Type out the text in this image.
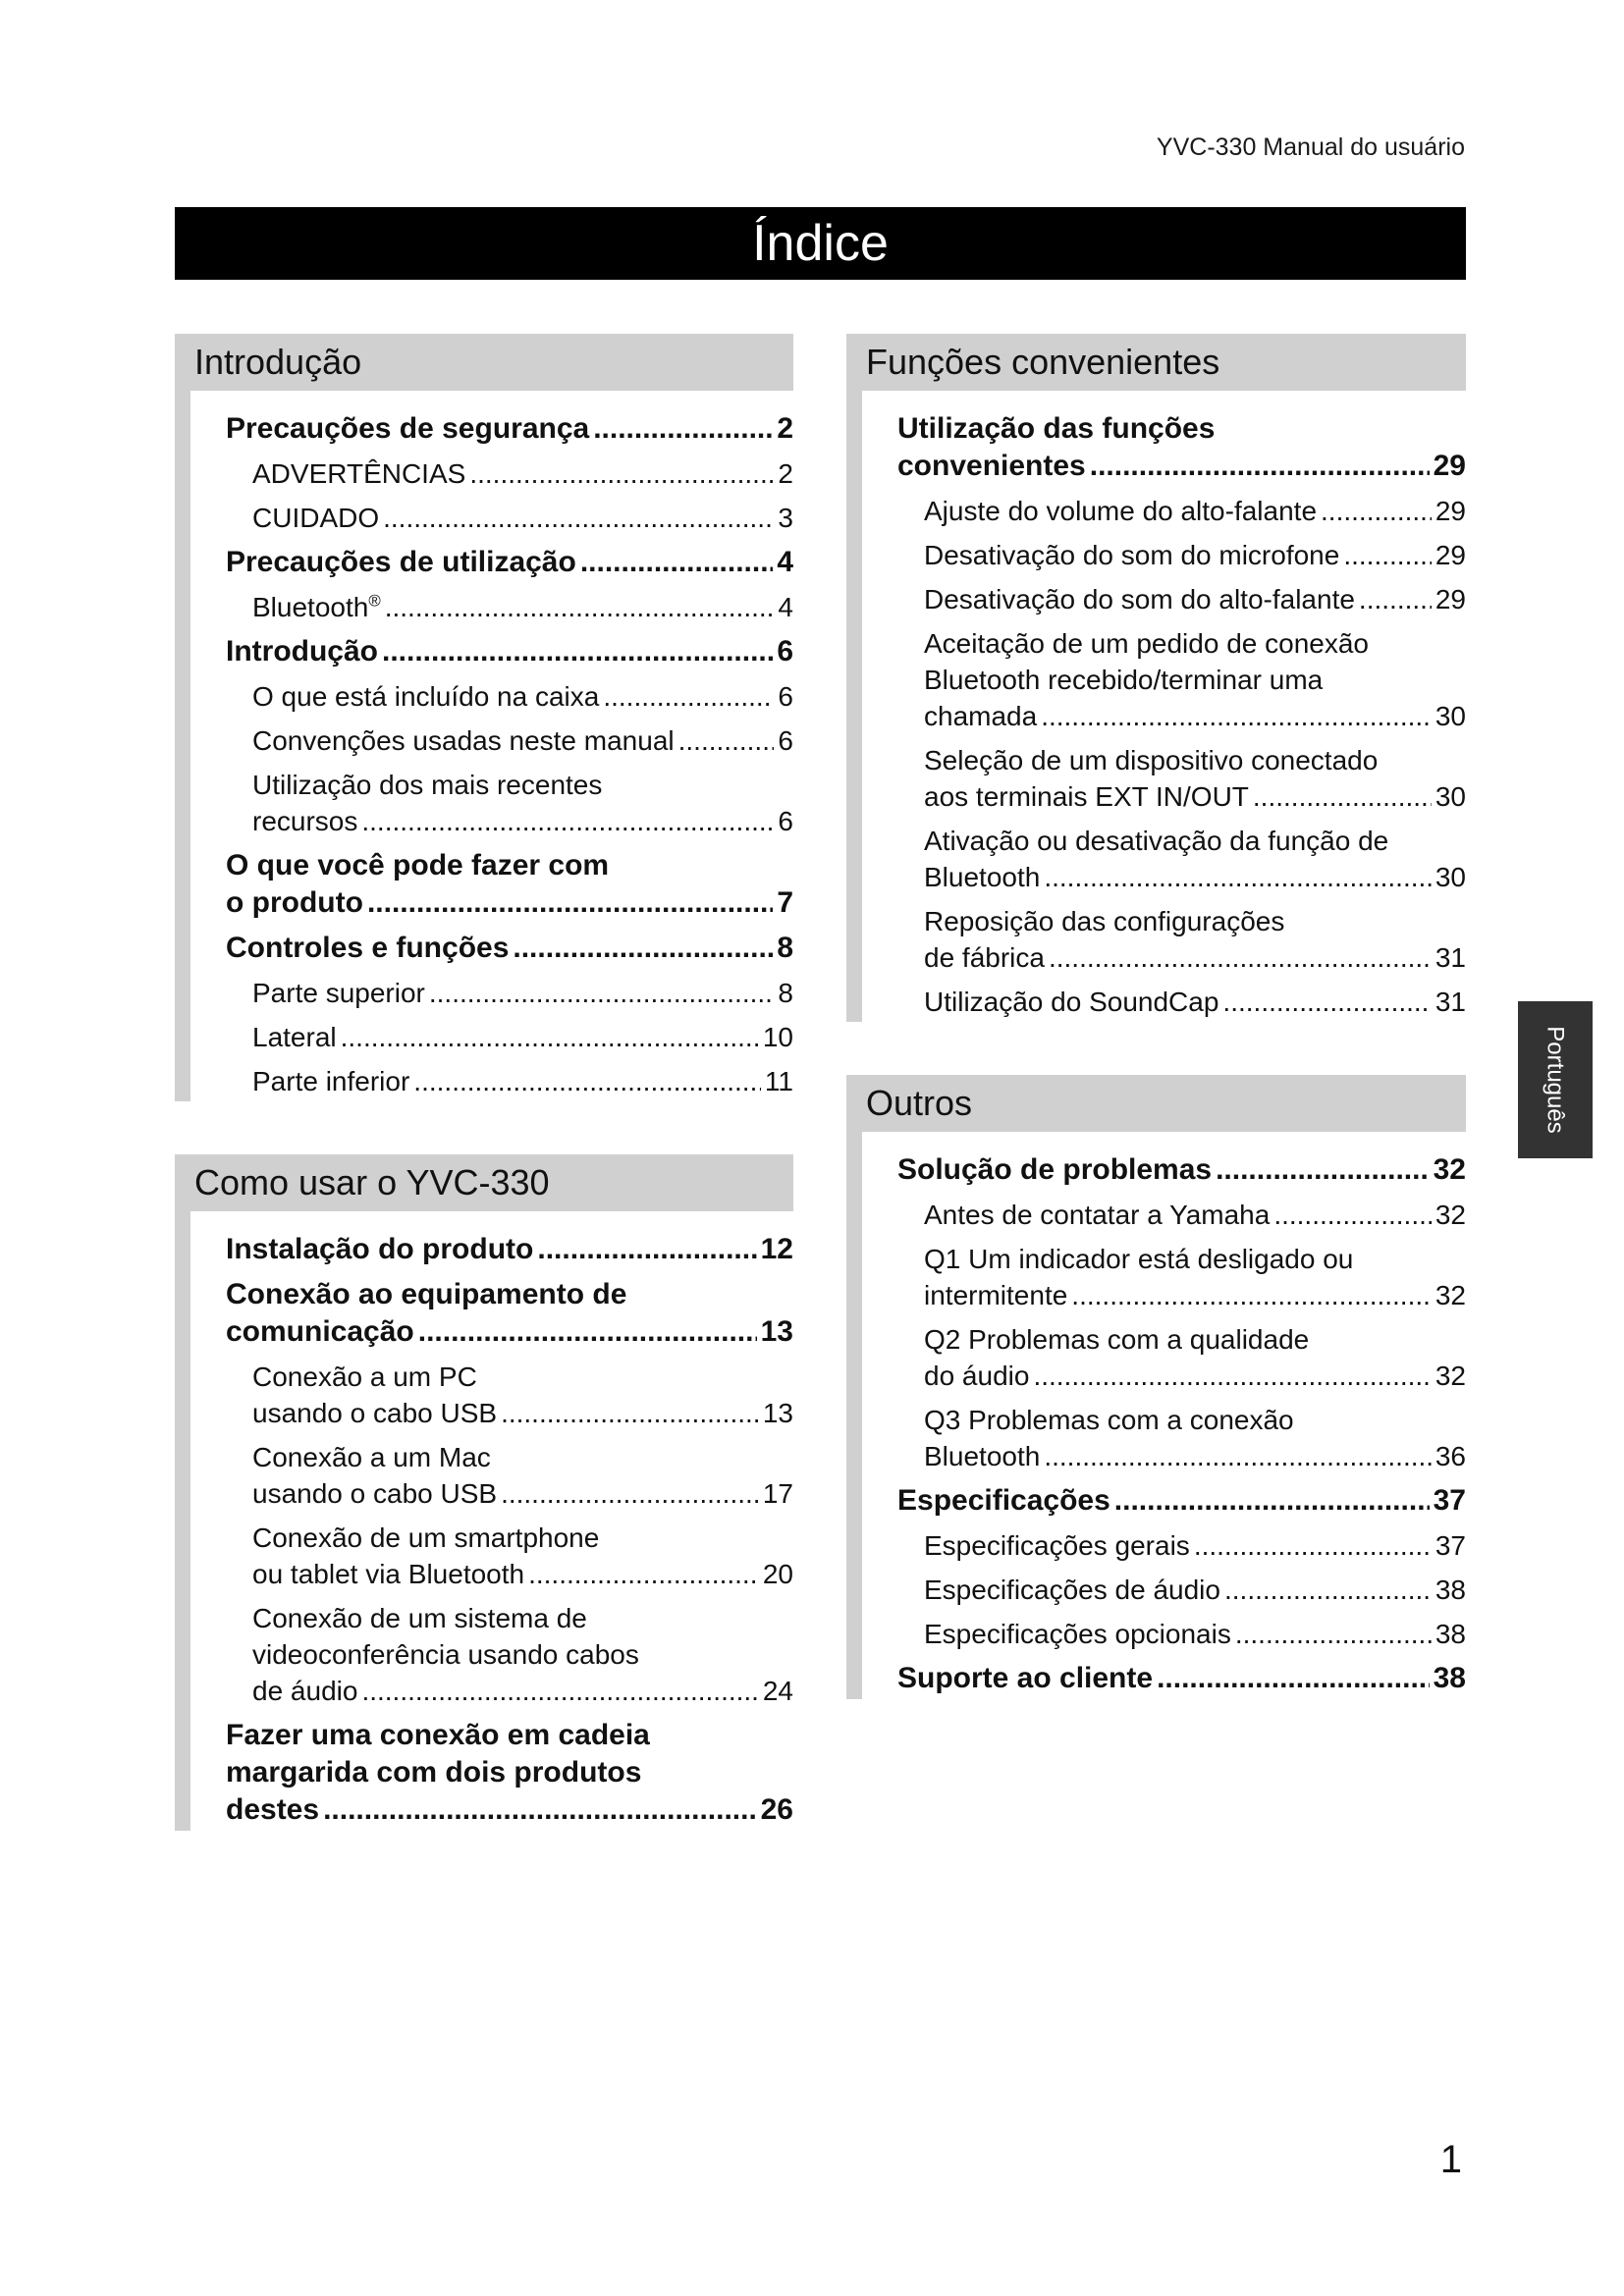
YVC-330 Manual do usuário
Índice
Introdução
Precauções de segurança .....	2
ADVERTÊNCIAS .....	2
CUIDADO .....	3
Precauções de utilização .....	4
Bluetooth® .....	4
Introdução .....	6
O que está incluído na caixa .....	6
Convenções usadas neste manual .....	6
Utilização dos mais recentes
recursos .....	6
O que você pode fazer com
o produto .....	7
Controles e funções .....	8
Parte superior .....	8
Lateral .....	10
Parte inferior .....	11
Como usar o YVC-330
Instalação do produto .....	12
Conexão ao equipamento de
comunicação .....	13
Conexão a um PC
usando o cabo USB .....	13
Conexão a um Mac
usando o cabo USB .....	17
Conexão de um smartphone
ou tablet via Bluetooth .....	20
Conexão de um sistema de
videoconferência usando cabos
de áudio .....	24
Fazer uma conexão em cadeia
margarida com dois produtos
destes .....	26
Funções convenientes
Utilização das funções
convenientes .....	29
Ajuste do volume do alto-falante .....	29
Desativação do som do microfone .....	29
Desativação do som do alto-falante .....	29
Aceitação de um pedido de conexão
Bluetooth recebido/terminar uma
chamada .....	30
Seleção de um dispositivo conectado
aos terminais EXT IN/OUT .....	30
Ativação ou desativação da função de
Bluetooth .....	30
Reposição das configurações
de fábrica .....	31
Utilização do SoundCap .....	31
Outros
Solução de problemas .....	32
Antes de contatar a Yamaha .....	32
Q1 Um indicador está desligado ou
intermitente .....	32
Q2 Problemas com a qualidade
do áudio .....	32
Q3 Problemas com a conexão
Bluetooth .....	36
Especificações .....	37
Especificações gerais .....	37
Especificações de áudio .....	38
Especificações opcionais .....	38
Suporte ao cliente .....	38
Português
1
